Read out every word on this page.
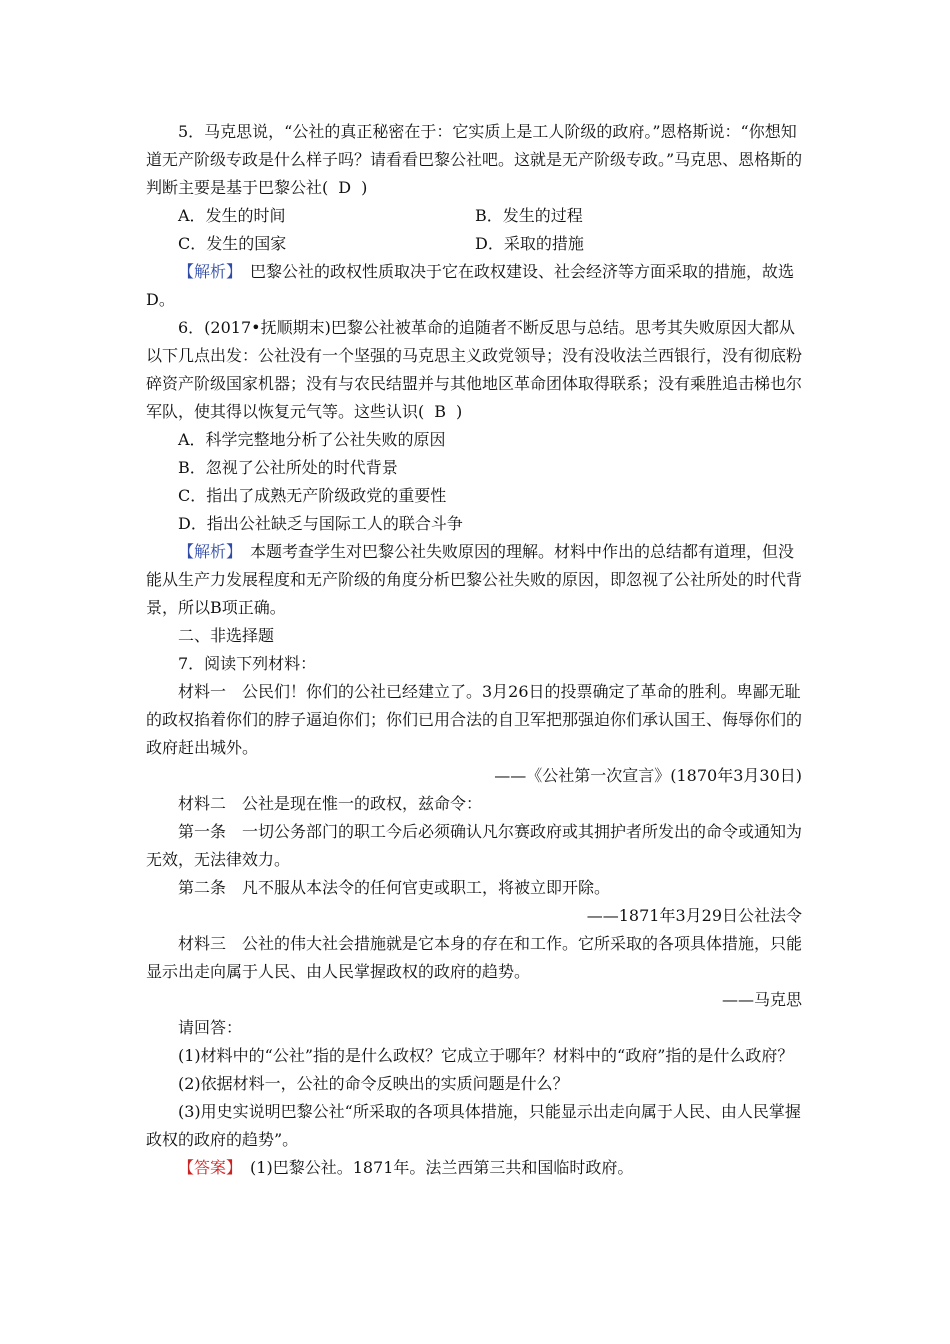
5．马克思说，“公社的真正秘密在于：它实质上是工人阶级的政府。”恩格斯说：“你想知道无产阶级专政是什么样子吗？请看看巴黎公社吧。这就是无产阶级专政。”马克思、恩格斯的判断主要是基于巴黎公社( D )

A．发生的时间	B．发生的过程
C．发生的国家	D．采取的措施

【解析】　 巴黎公社的政权性质取决于它在政权建设、社会经济等方面采取的措施，故选D。

6．(2017•抚顺期末)巴黎公社被革命的追随者不断反思与总结。思考其失败原因大都从以下几点出发：公社没有一个坚强的马克思主义政党领导；没有没收法兰西银行，没有彻底粉碎资产阶级国家机器；没有与农民结盟并与其他地区革命团体取得联系；没有乘胜追击梯也尔军队，使其得以恢复元气等。这些认识( B )

A．科学完整地分析了公社失败的原因
B．忽视了公社所处的时代背景
C．指出了成熟无产阶级政党的重要性
D．指出公社缺乏与国际工人的联合斗争

【解析】　 本题考查学生对巴黎公社失败原因的理解。材料中作出的总结都有道理，但没能从生产力发展程度和无产阶级的角度分析巴黎公社失败的原因，即忽视了公社所处的时代背景，所以B项正确。

二、非选择题

7．阅读下列材料：

材料一　公民们！你们的公社已经建立了。3月26日的投票确定了革命的胜利。卑鄙无耻的政权掐着你们的脖子逼迫你们；你们已用合法的自卫军把那强迫你们承认国王、侮辱你们的政府赶出城外。

——《公社第一次宣言》(1870年3月30日)

材料二　公社是现在惟一的政权，兹命令：

第一条　一切公务部门的职工今后必须确认凡尔赛政府或其拥护者所发出的命令或通知为无效，无法律效力。

第二条　凡不服从本法令的任何官吏或职工，将被立即开除。

——1871年3月29日公社法令

材料三　公社的伟大社会措施就是它本身的存在和工作。它所采取的各项具体措施，只能显示出走向属于人民、由人民掌握政权的政府的趋势。

——马克思

请回答：

(1)材料中的“公社”指的是什么政权？它成立于哪年？材料中的“政府”指的是什么政府？

(2)依据材料一，公社的命令反映出的实质问题是什么？

(3)用史实说明巴黎公社“所采取的各项具体措施，只能显示出走向属于人民、由人民掌握政权的政府的趋势”。

【答案】　 (1)巴黎公社。1871年。法兰西第三共和国临时政府。
